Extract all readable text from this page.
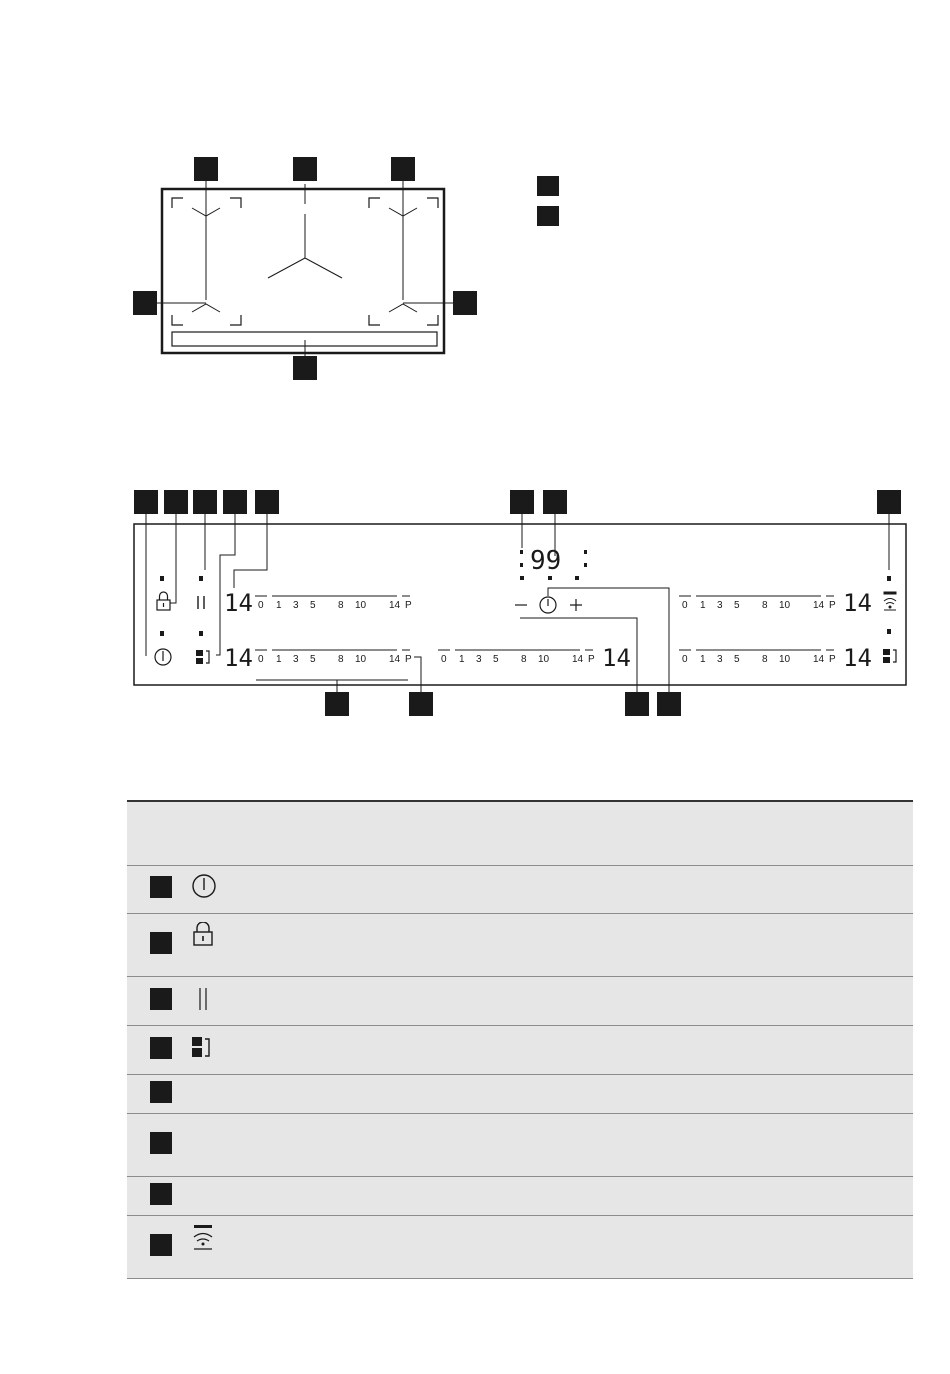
14
14	14
14
14
99
0 1 3 5 8 10 14 P
0 1 3 5 8 10 14 P	0 1 3 5 8 10 14 P
0 1 3 5 8 10 14 P
0 1 3 5 8 10 14 P
